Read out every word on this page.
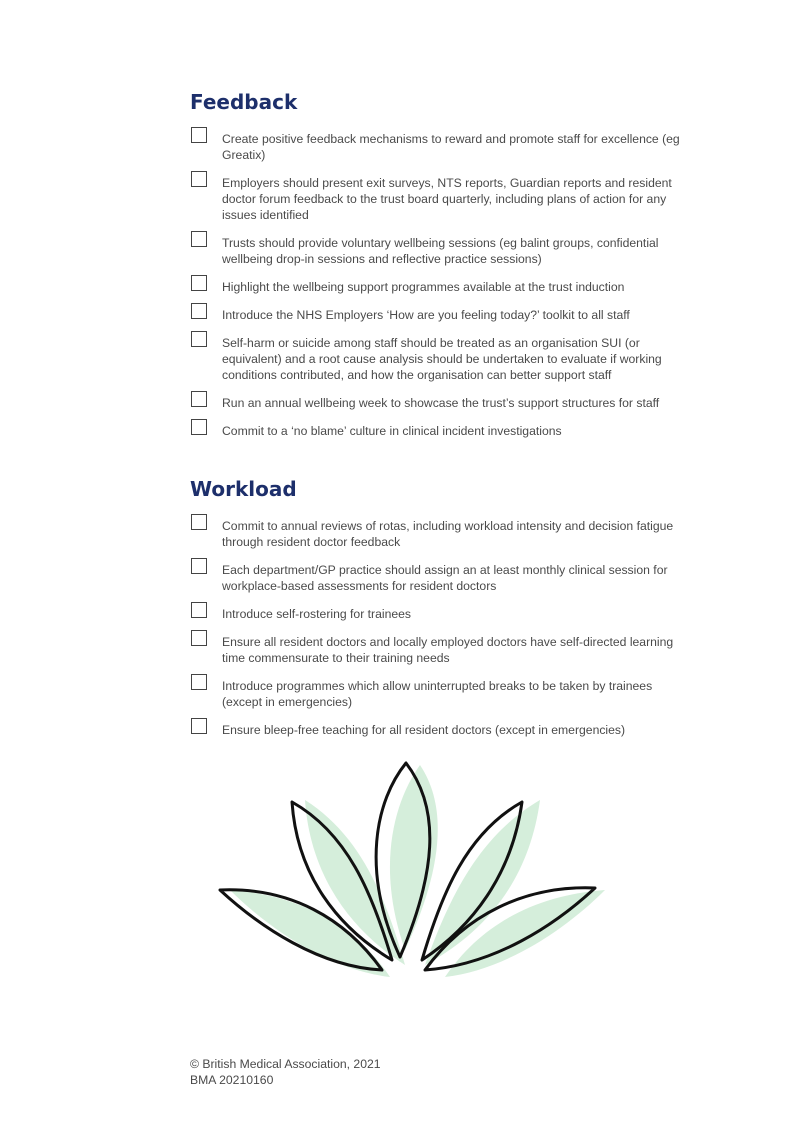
Feedback
Create positive feedback mechanisms to reward and promote staff for excellence (eg Greatix)
Employers should present exit surveys, NTS reports, Guardian reports and resident doctor forum feedback to the trust board quarterly, including plans of action for any issues identified
Trusts should provide voluntary wellbeing sessions (eg balint groups, confidential wellbeing drop-in sessions and reflective practice sessions)
Highlight the wellbeing support programmes available at the trust induction
Introduce the NHS Employers ‘How are you feeling today?’ toolkit to all staff
Self-harm or suicide among staff should be treated as an organisation SUI (or equivalent) and a root cause analysis should be undertaken to evaluate if working conditions contributed, and how the organisation can better support staff
Run an annual wellbeing week to showcase the trust’s support structures for staff
Commit to a ‘no blame’ culture in clinical incident investigations
Workload
Commit to annual reviews of rotas, including workload intensity and decision fatigue through resident doctor feedback
Each department/GP practice should assign an at least monthly clinical session for workplace-based assessments for resident doctors
Introduce self-rostering for trainees
Ensure all resident doctors and locally employed doctors have self-directed learning time commensurate to their training needs
Introduce programmes which allow uninterrupted breaks to be taken by trainees (except in emergencies)
Ensure bleep-free teaching for all resident doctors (except in emergencies)
© British Medical Association, 2021
BMA 20210160
